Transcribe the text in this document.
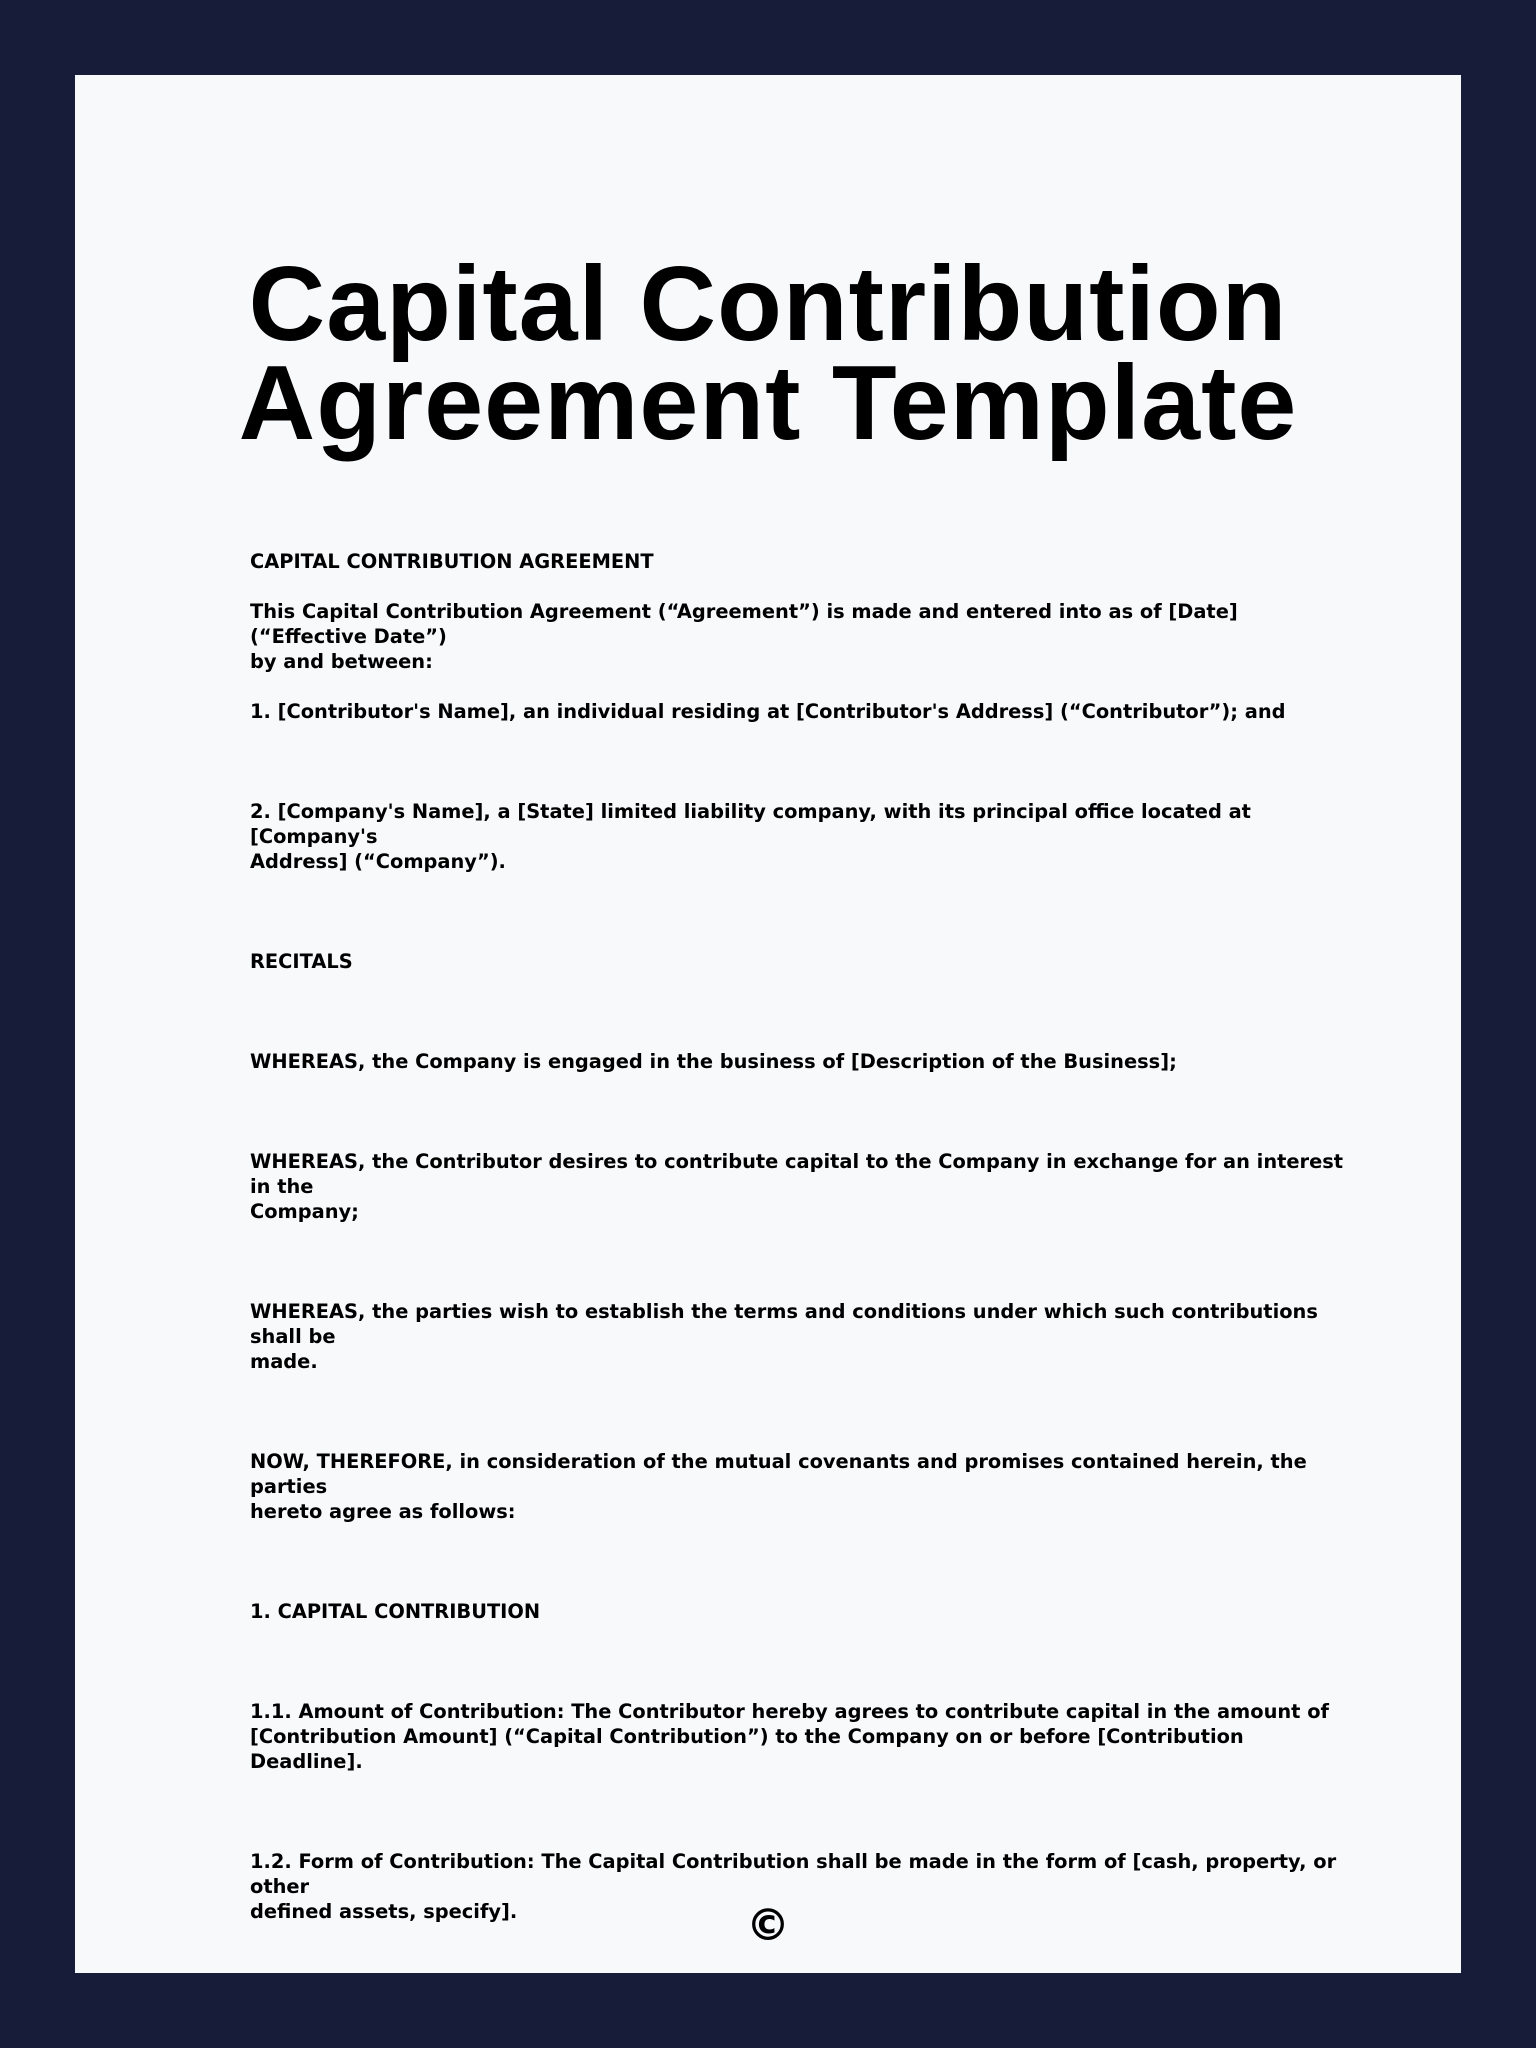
Capital Contribution
Agreement Template

CAPITAL CONTRIBUTION AGREEMENT

This Capital Contribution Agreement (“Agreement”) is made and entered into as of [Date] (“Effective Date”)
by and between:

1. [Contributor's Name], an individual residing at [Contributor's Address] (“Contributor”); and

2. [Company's Name], a [State] limited liability company, with its principal office located at [Company's
Address] (“Company”).

RECITALS

WHEREAS, the Company is engaged in the business of [Description of the Business];

WHEREAS, the Contributor desires to contribute capital to the Company in exchange for an interest in the
Company;

WHEREAS, the parties wish to establish the terms and conditions under which such contributions shall be
made.

NOW, THEREFORE, in consideration of the mutual covenants and promises contained herein, the parties
hereto agree as follows:

1. CAPITAL CONTRIBUTION

1.1. Amount of Contribution: The Contributor hereby agrees to contribute capital in the amount of
[Contribution Amount] (“Capital Contribution”) to the Company on or before [Contribution Deadline].

1.2. Form of Contribution: The Capital Contribution shall be made in the form of [cash, property, or other
defined assets, specify].	©
